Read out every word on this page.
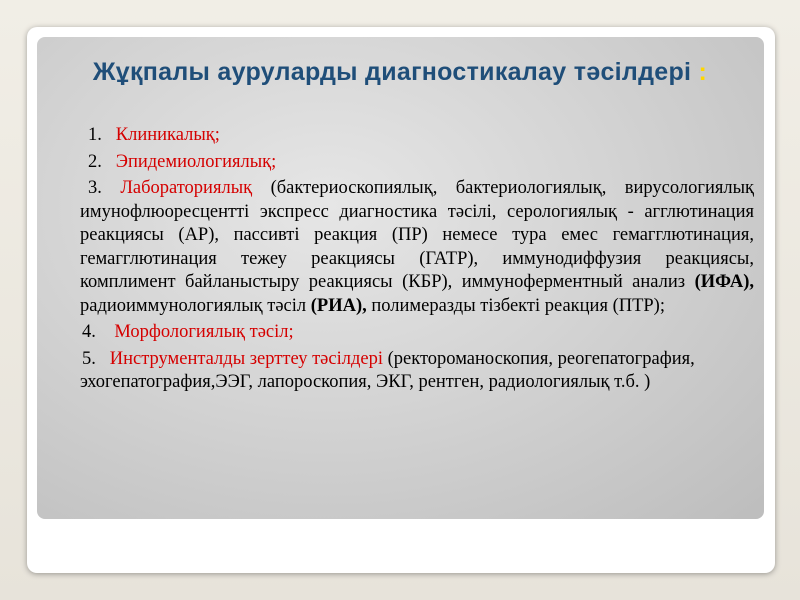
Жұқпалы ауруларды диагностикалау тәсілдері :

1. Клиникалық;

2. Эпидемиологиялық;

3. Лабораториялық (бактериоскопиялық, бактериологиялық, вирусологиялық имунофлюоресцентті экспресс диагностика тәсілі, серологиялық - агглютинация реакциясы (АР), пассивті реакция (ПР) немесе тура емес гемагглютинация, гемагглютинация тежеу реакциясы (ГАТР), иммунодиффузия реакциясы, комплимент байланыстыру реакциясы (КБР), иммуноферментный анализ (ИФА), радиоиммунологиялық тәсіл (РИА), полимеразды тізбекті реакция (ПТР);

4. Морфологиялық тәсіл;

5. Инструменталды зерттеу тәсілдері (ректороманоскопия, реогепатография, эхогепатография,ЭЭГ, лапороскопия, ЭКГ, рентген, радиологиялық т.б. )
